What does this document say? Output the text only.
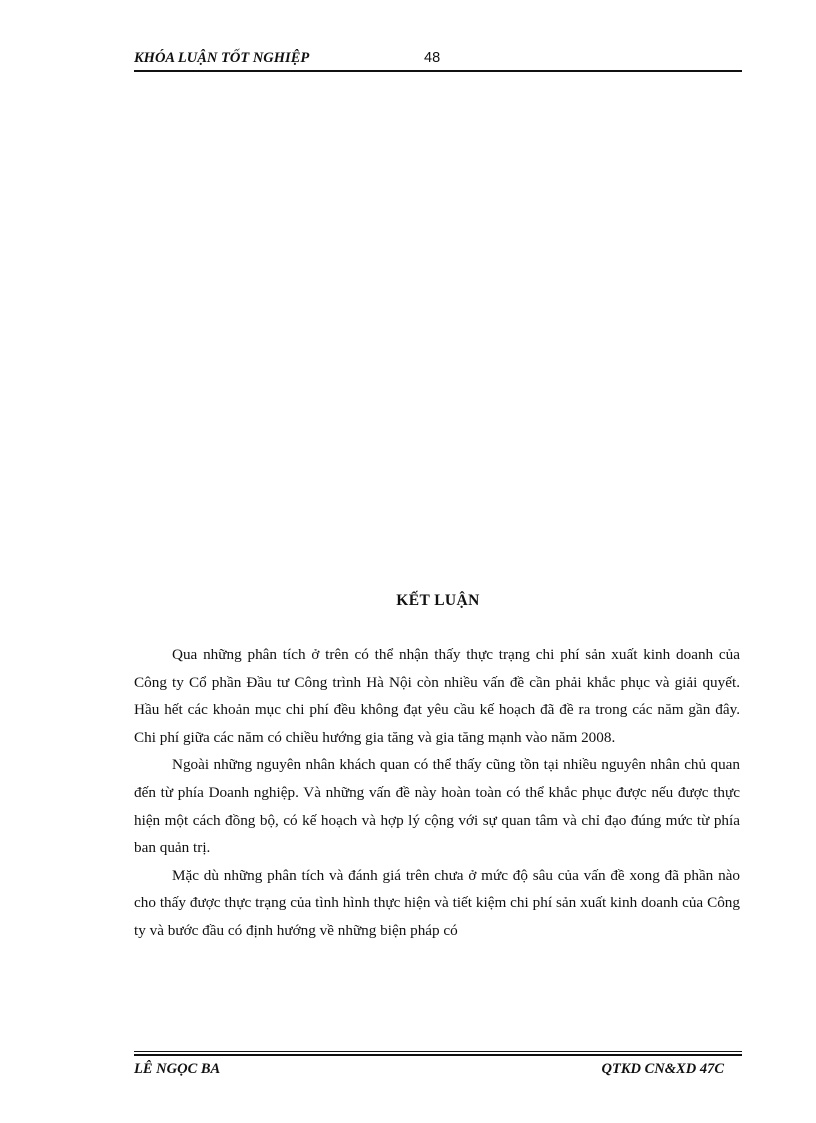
KHÓA LUẬN TỐT NGHIỆP	48
KẾT LUẬN

Qua những phân tích ở trên có thể nhận thấy thực trạng chi phí sản xuất kinh doanh của Công ty Cổ phần Đầu tư Công trình Hà Nội còn nhiều vấn đề cần phải khắc phục và giải quyết. Hầu hết các khoản mục chi phí đều không đạt yêu cầu kế hoạch đã đề ra trong các năm gần đây. Chi phí giữa các năm có chiều hướng gia tăng và gia tăng mạnh vào năm 2008.

Ngoài những nguyên nhân khách quan có thể thấy cũng tồn tại nhiều nguyên nhân chủ quan đến từ phía Doanh nghiệp. Và những vấn đề này hoàn toàn có thể khắc phục được nếu được thực hiện một cách đồng bộ, có kế hoạch và hợp lý cộng với sự quan tâm và chỉ đạo đúng mức từ phía ban quản trị.

Mặc dù những phân tích và đánh giá trên chưa ở mức độ sâu của vấn đề xong đã phần nào cho thấy được thực trạng của tình hình thực hiện và tiết kiệm chi phí sản xuất kinh doanh của Công ty và bước đầu có định hướng về những biện pháp có

LÊ NGỌC BA	QTKD CN&XD 47C
